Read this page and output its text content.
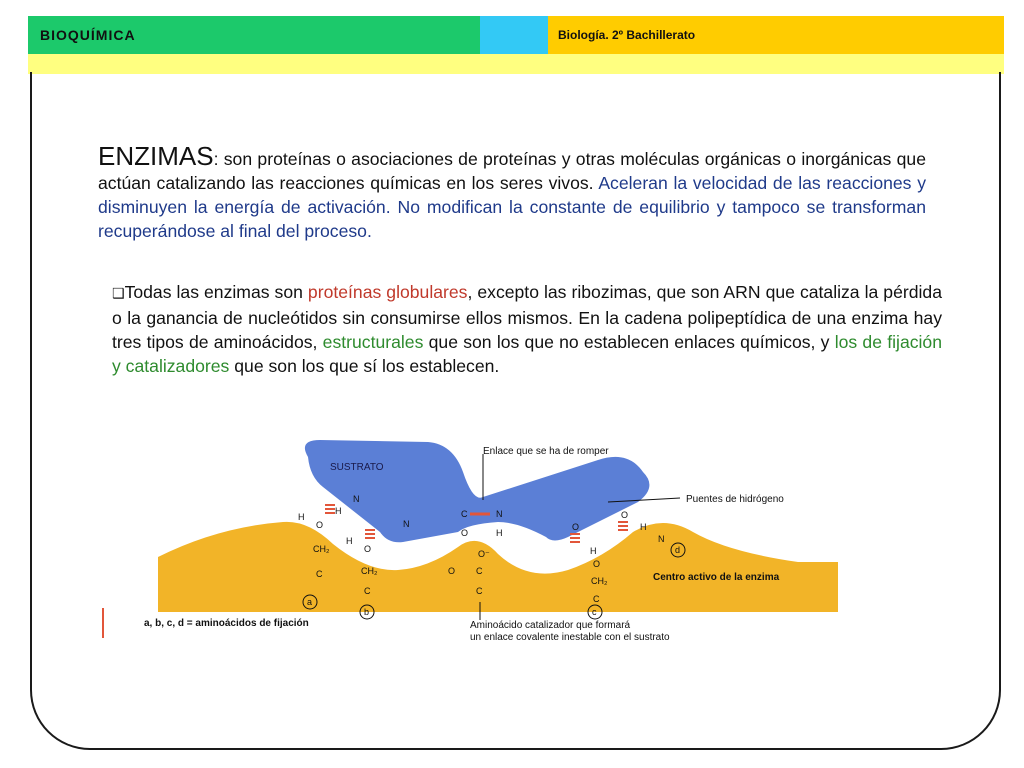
BIOQUÍMICA	Biología. 2º Bachillerato
ENZIMAS: son proteínas o asociaciones de proteínas y otras moléculas orgánicas o inorgánicas que actúan catalizando las reacciones químicas en los seres vivos. Aceleran la velocidad de las reacciones y disminuyen la energía de activación. No modifican la constante de equilibrio y tampoco se transforman recuperándose al final del proceso.
❑Todas las enzimas son proteínas globulares, excepto las ribozimas, que son ARN que cataliza la pérdida o la ganancia de nucleótidos sin consumirse ellos mismos. En la cadena polipeptídica de una enzima hay tres tipos de aminoácidos, estructurales que son los que no establecen enlaces químicos, y los de fijación y catalizadores que son los que sí los establecen.
SUSTRATO
Enlace que se ha de romper
Puentes de hidrógeno
N
H
N
C	N
O	H
O
O
H
O
CH₂
C
H
O
CH₂
C
O⁻
C
O
C
H
O
CH₂
C
H
N
a
b	c
d
Centro activo de la enzima
a, b, c, d = aminoácidos de fijación	Aminoácido catalizador que formará
un enlace covalente inestable con el sustrato
